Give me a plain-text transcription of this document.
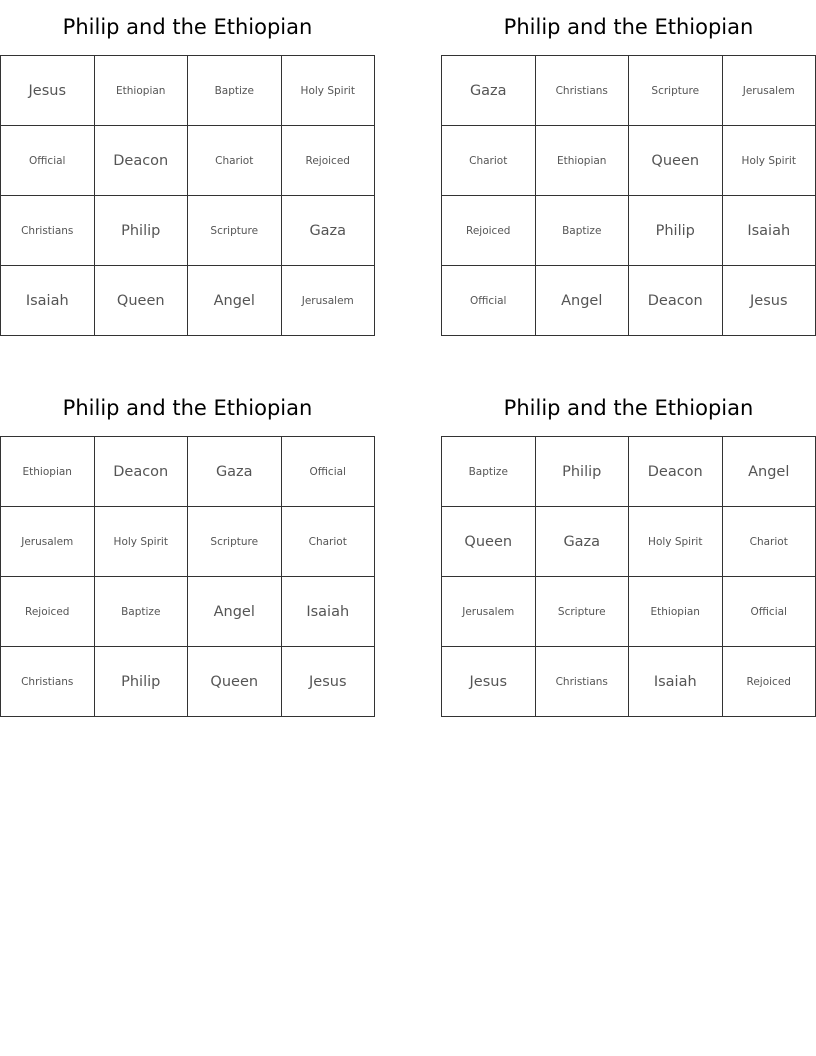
Philip and the Ethiopian
Jesus	Ethiopian	Baptize	Holy Spirit
Official	Deacon	Chariot	Rejoiced
Christians	Philip	Scripture	Gaza
Isaiah	Queen	Angel	Jerusalem
Philip and the Ethiopian
Gaza	Christians	Scripture	Jerusalem
Chariot	Ethiopian	Queen	Holy Spirit
Rejoiced	Baptize	Philip	Isaiah
Official	Angel	Deacon	Jesus
Philip and the Ethiopian
Ethiopian	Deacon	Gaza	Official
Jerusalem	Holy Spirit	Scripture	Chariot
Rejoiced	Baptize	Angel	Isaiah
Christians	Philip	Queen	Jesus
Philip and the Ethiopian
Baptize	Philip	Deacon	Angel
Queen	Gaza	Holy Spirit	Chariot
Jerusalem	Scripture	Ethiopian	Official
Jesus	Christians	Isaiah	Rejoiced
